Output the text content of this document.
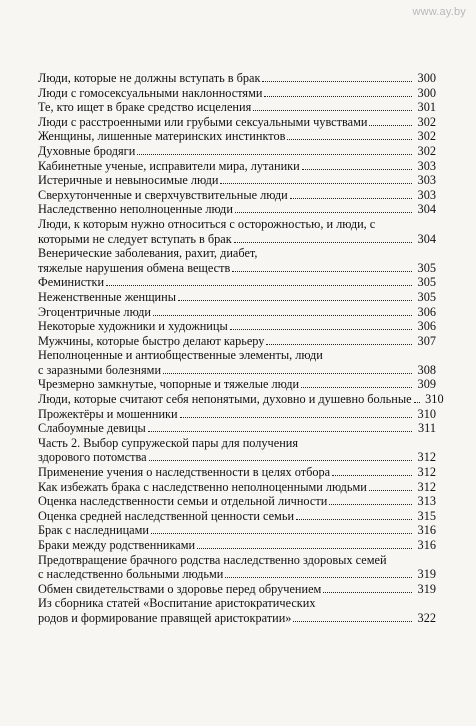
www.ay.by
Люди, которые не должны вступать в брак	300
Люди с гомосексуальными наклонностями	300
Те, кто ищет в браке средство исцеления	301
Люди с расстроенными или грубыми сексуальными чувствами	302
Женщины, лишенные материнских инстинктов	302
Духовные бродяги	302
Кабинетные ученые, исправители мира, лутаники	303
Истеричные и невыносимые люди	303
Сверхутонченные и сверхчувствительные люди	303
Наследственно неполноценные люди	304
Люди, к которым нужно относиться с осторожностью, и люди, с
которыми не следует вступать в брак	304
Венерические заболевания, рахит, диабет,
тяжелые нарушения обмена веществ	305
Феминистки	305
Неженственные женщины	305
Эгоцентричные люди	306
Некоторые художники и художницы	306
Мужчины, которые быстро делают карьеру	307
Неполноценные и антиобщественные элементы, люди
с заразными болезнями	308
Чрезмерно замкнутые, чопорные и тяжелые люди	309
Люди, которые считают себя непонятыми, духовно и душевно больные 310
Прожектёры и мошенники	310
Слабоумные девицы	311
Часть 2. Выбор супружеской пары для получения
здорового потомства	312
Применение учения о наследственности в целях отбора	312
Как избежать брака с наследственно неполноценными людьми	312
Оценка наследственности семьи и отдельной личности	313
Оценка средней наследственной ценности семьи	315
Брак с наследницами	316
Браки между родственниками	316
Предотвращение брачного родства наследственно здоровых семей
с наследственно больными людьми	319
Обмен свидетельствами о здоровье перед обручением	319
Из сборника статей «Воспитание аристократических
родов и формирование правящей аристократии»	322
